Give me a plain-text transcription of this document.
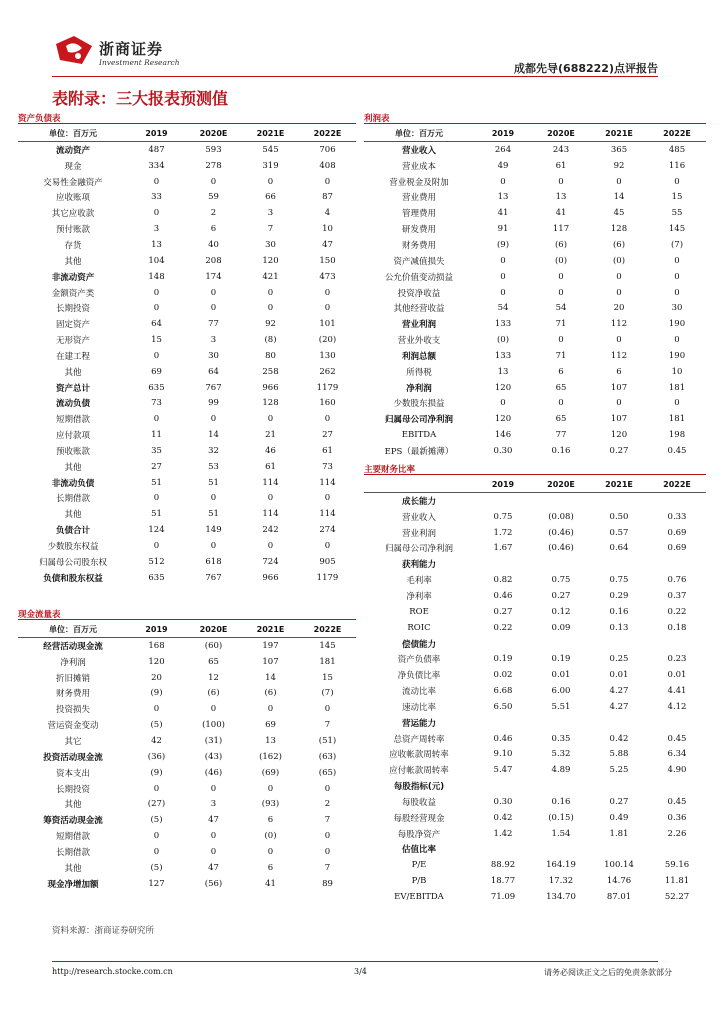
浙商证券
Investment Research	成都先导(688222)点评报告
表附录：三大报表预测值
资产负债表
单位：百万元	2019	2020E	2021E	2022E
流动资产	487	593	545	706
现金	334	278	319	408
交易性金融资产	0	0	0	0
应收账项	33	59	66	87
其它应收款	0	2	3	4
预付账款	3	6	7	10
存货	13	40	30	47
其他	104	208	120	150
非流动资产	148	174	421	473
金额资产类	0	0	0	0
长期投资	0	0	0	0
固定资产	64	77	92	101
无形资产	15	3	(8)	(20)
在建工程	0	30	80	130
其他	69	64	258	262
资产总计	635	767	966	1179
流动负债	73	99	128	160
短期借款	0	0	0	0
应付款项	11	14	21	27
预收账款	35	32	46	61
其他	27	53	61	73
非流动负债	51	51	114	114
长期借款	0	0	0	0
其他	51	51	114	114
负债合计	124	149	242	274
少数股东权益	0	0	0	0
归属母公司股东权	512	618	724	905
负债和股东权益	635	767	966	1179
现金流量表
单位：百万元	2019	2020E	2021E	2022E
经营活动现金流	168	(60)	197	145
净利润	120	65	107	181
折旧摊销	20	12	14	15
财务费用	(9)	(6)	(6)	(7)
投资损失	0	0	0	0
营运资金变动	(5)	(100)	69	7
其它	42	(31)	13	(51)
投资活动现金流	(36)	(43)	(162)	(63)
资本支出	(9)	(46)	(69)	(65)
长期投资	0	0	0	0
其他	(27)	3	(93)	2
筹资活动现金流	(5)	47	6	7
短期借款	0	0	(0)	0
长期借款	0	0	0	0
其他	(5)	47	6	7
现金净增加额	127	(56)	41	89

利润表
单位：百万元	2019	2020E	2021E	2022E
营业收入	264	243	365	485
营业成本	49	61	92	116
营业税金及附加	0	0	0	0
营业费用	13	13	14	15
管理费用	41	41	45	55
研发费用	91	117	128	145
财务费用	(9)	(6)	(6)	(7)
资产减值损失	0	(0)	(0)	0
公允价值变动损益	0	0	0	0
投资净收益	0	0	0	0
其他经营收益	54	54	20	30
营业利润	133	71	112	190
营业外收支	(0)	0	0	0
利润总额	133	71	112	190
所得税	13	6	6	10
净利润	120	65	107	181
少数股东损益	0	0	0	0
归属母公司净利润	120	65	107	181
EBITDA	146	77	120	198
EPS（最新摊薄）	0.30	0.16	0.27	0.45
主要财务比率
	2019	2020E	2021E	2022E
成长能力				
营业收入	0.75	(0.08)	0.50	0.33
营业利润	1.72	(0.46)	0.57	0.69
归属母公司净利润	1.67	(0.46)	0.64	0.69
获利能力				
毛利率	0.82	0.75	0.75	0.76
净利率	0.46	0.27	0.29	0.37
ROE	0.27	0.12	0.16	0.22
ROIC	0.22	0.09	0.13	0.18
偿债能力				
资产负债率	0.19	0.19	0.25	0.23
净负债比率	0.02	0.01	0.01	0.01
流动比率	6.68	6.00	4.27	4.41
速动比率	6.50	5.51	4.27	4.12
营运能力				
总资产周转率	0.46	0.35	0.42	0.45
应收帐款周转率	9.10	5.32	5.88	6.34
应付帐款周转率	5.47	4.89	5.25	4.90
每股指标(元)				
每股收益	0.30	0.16	0.27	0.45
每股经营现金	0.42	(0.15)	0.49	0.36
每股净资产	1.42	1.54	1.81	2.26
估值比率				
P/E	88.92	164.19	100.14	59.16
P/B	18.77	17.32	14.76	11.81
EV/EBITDA	71.09	134.70	87.01	52.27
资料来源：浙商证券研究所
http://research.stocke.com.cn	3/4	请务必阅读正文之后的免责条款部分
